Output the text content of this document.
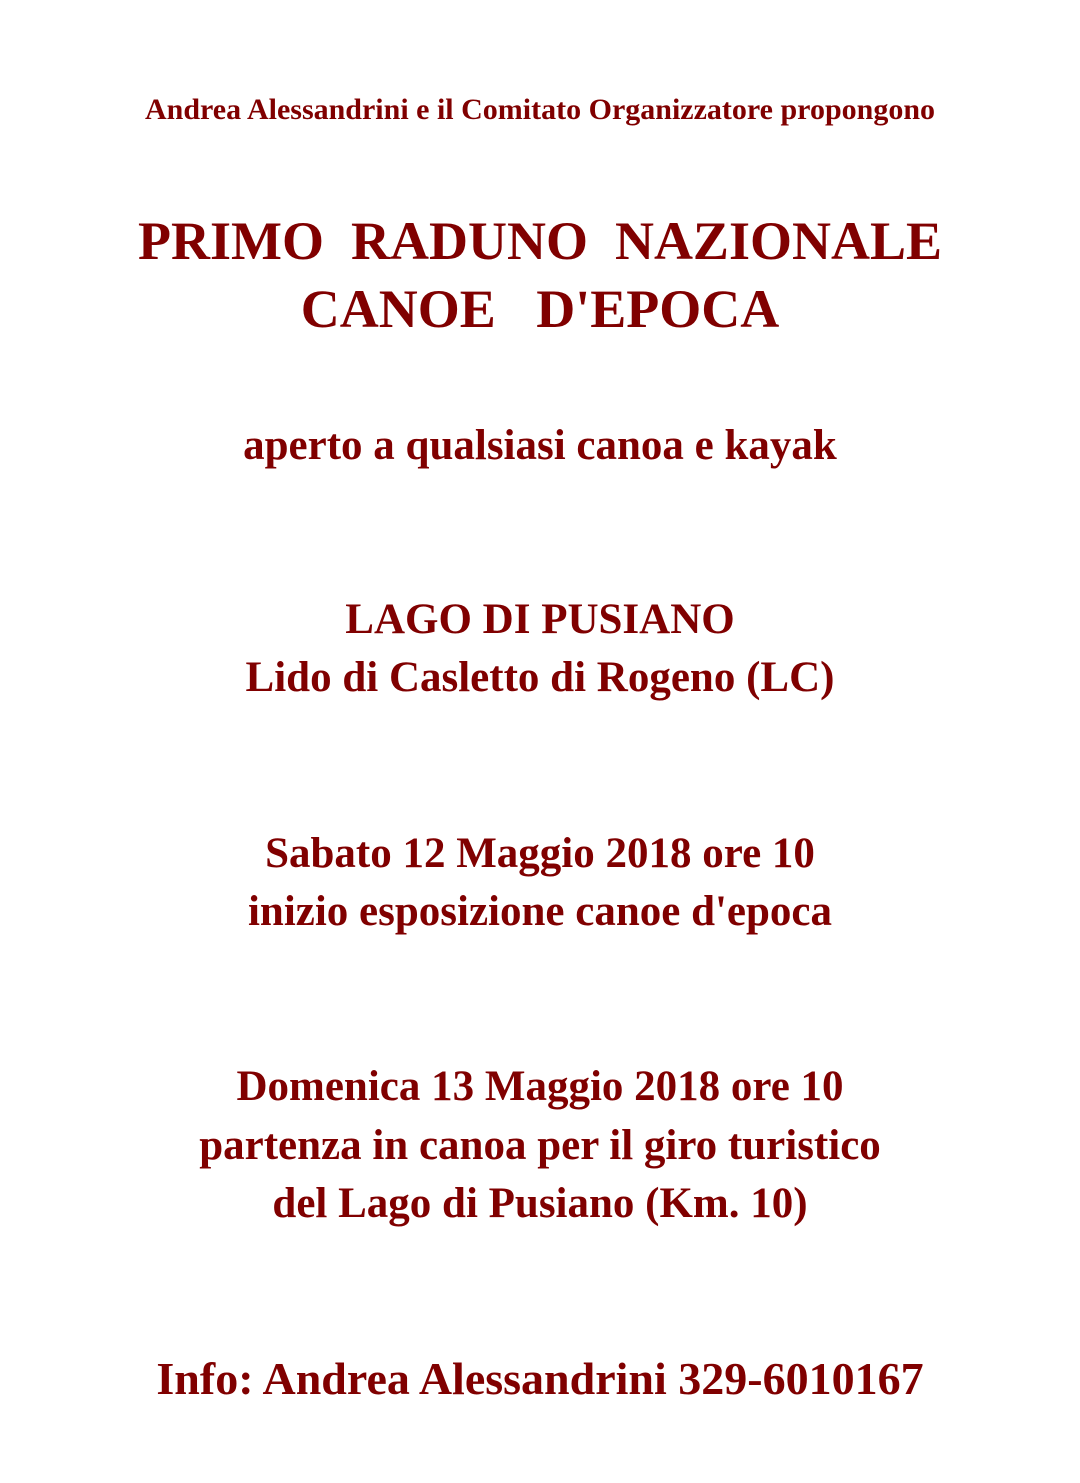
Andrea Alessandrini e il Comitato Organizzatore propongono
PRIMO  RADUNO  NAZIONALE
CANOE   D'EPOCA
aperto a qualsiasi canoa e kayak
LAGO DI PUSIANO
Lido di Casletto di Rogeno (LC)
Sabato 12 Maggio 2018 ore 10
inizio esposizione canoe d'epoca
Domenica 13 Maggio 2018 ore 10
partenza in canoa per il giro turistico
del Lago di Pusiano (Km. 10)
Info: Andrea Alessandrini 329-6010167
